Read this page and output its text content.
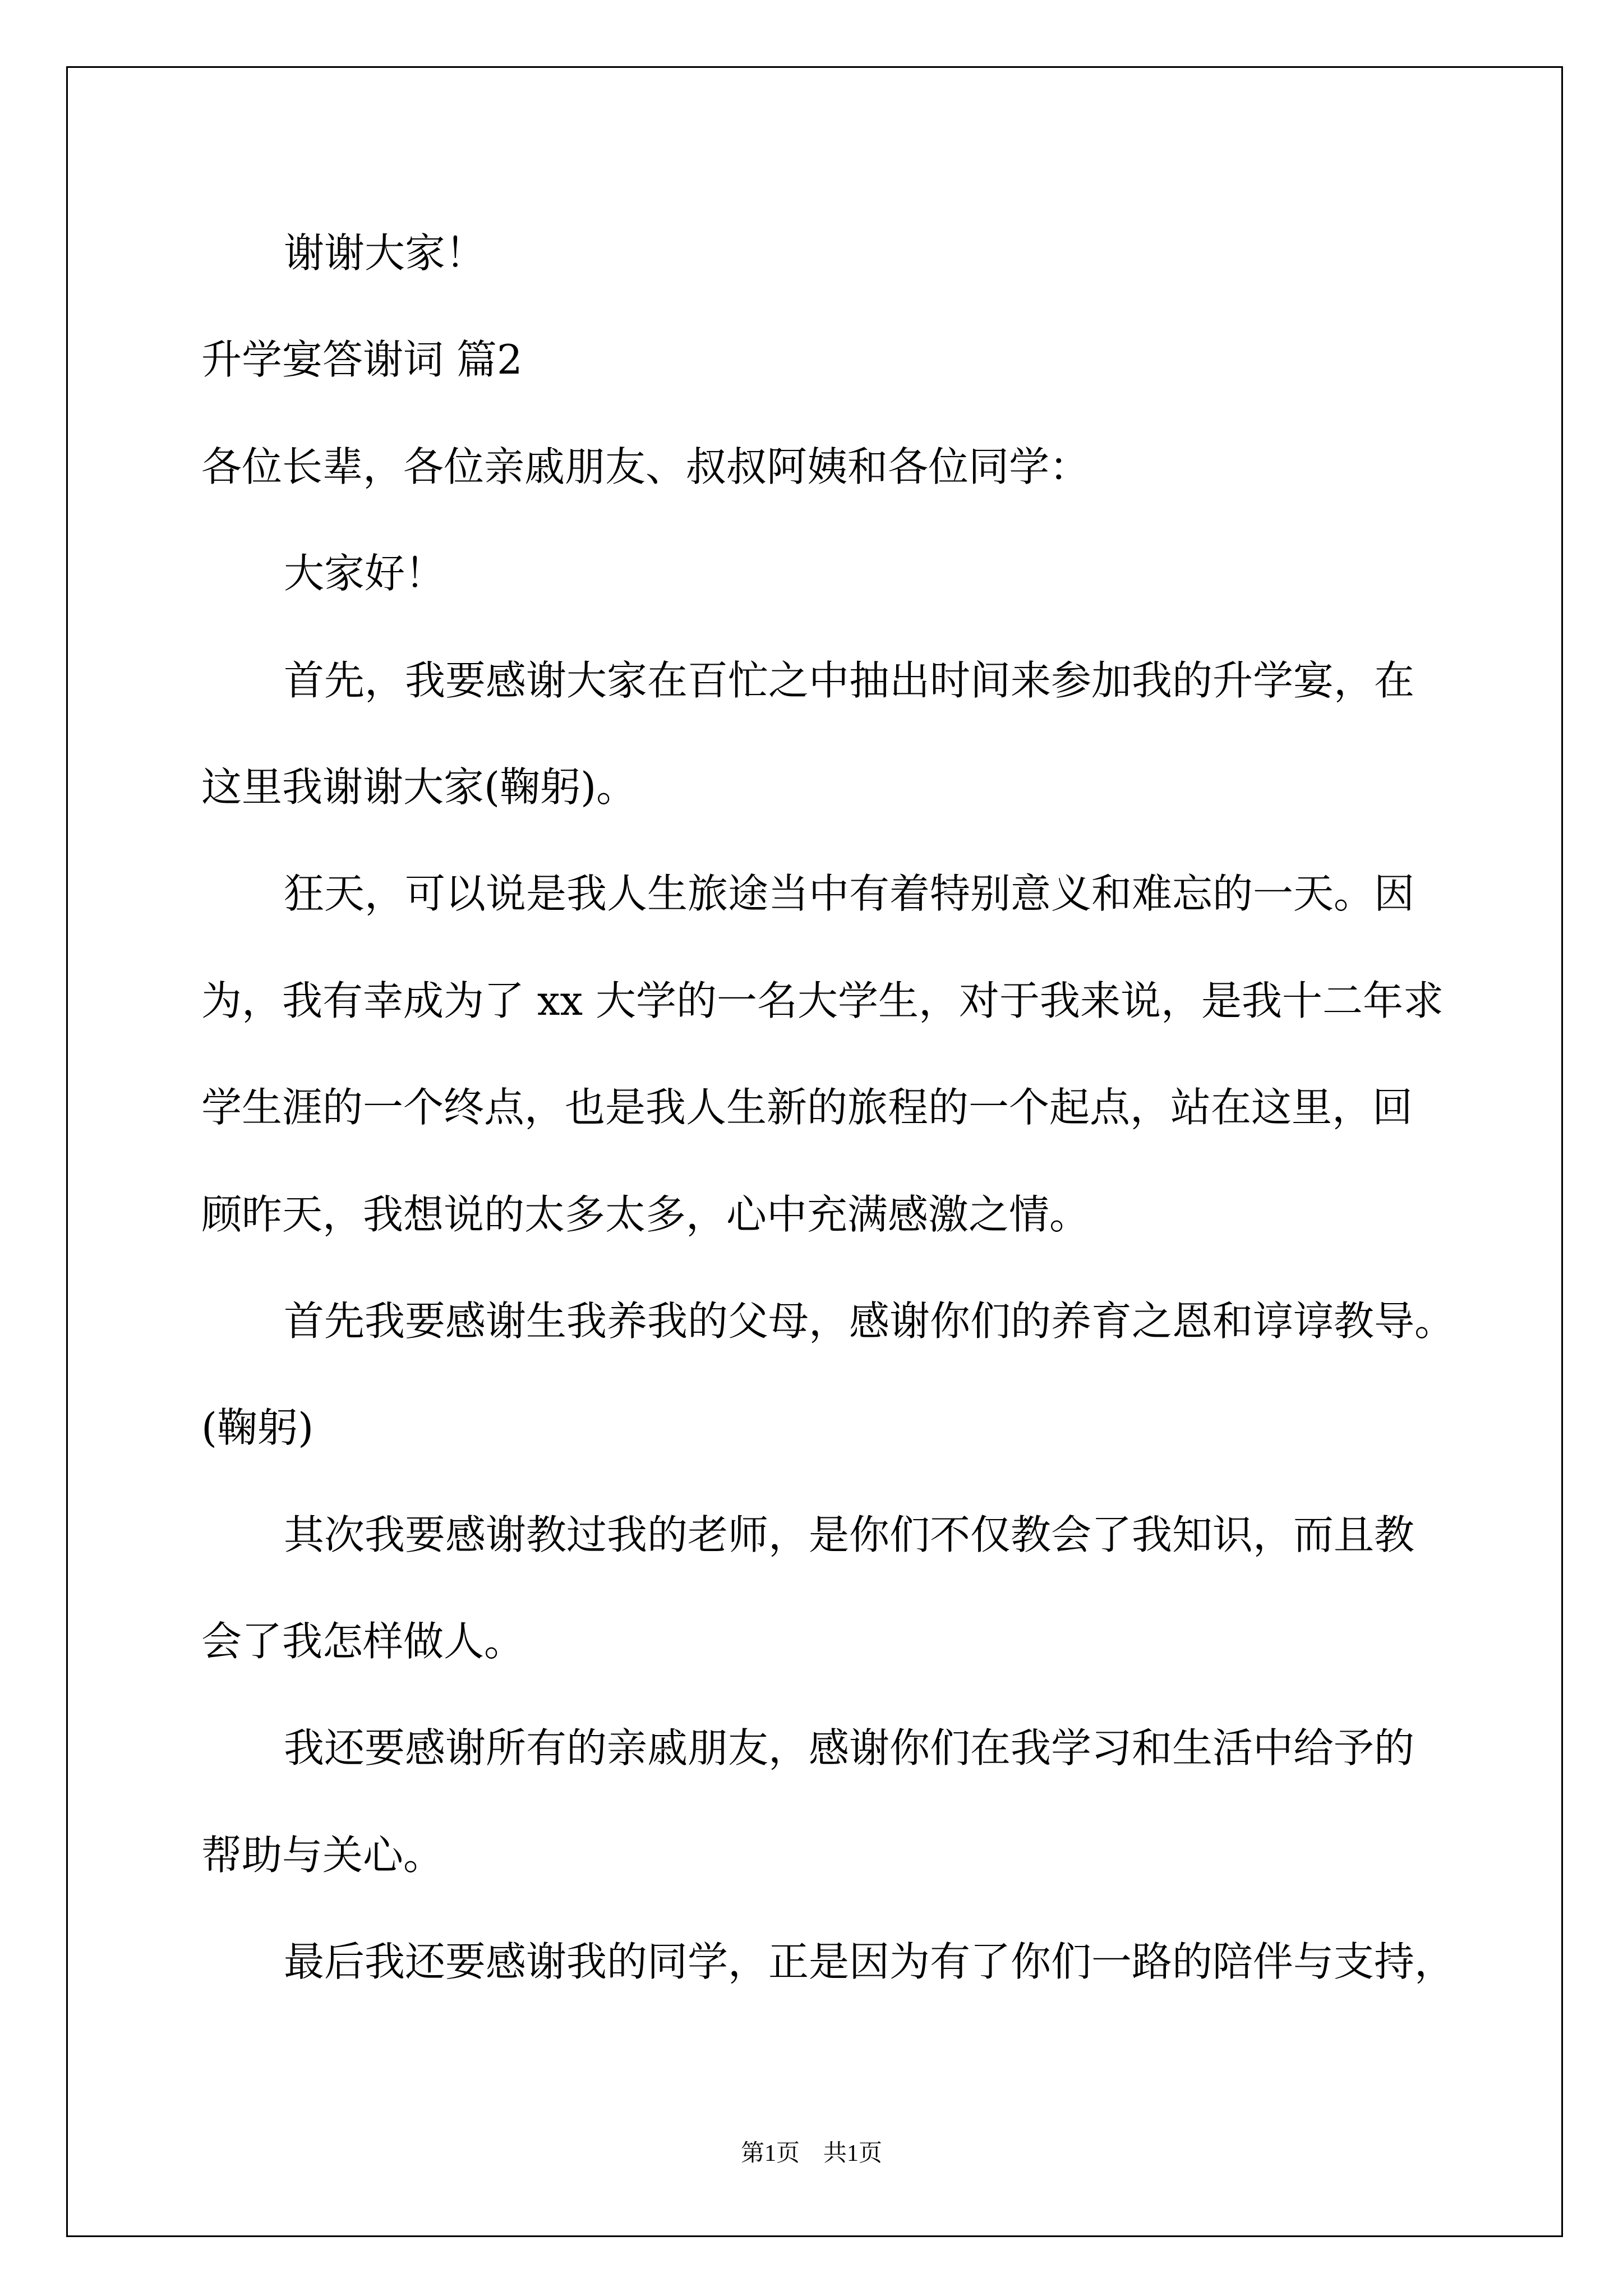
谢谢大家！
升学宴答谢词 篇2
各位长辈，各位亲戚朋友、叔叔阿姨和各位同学：
大家好！
首先，我要感谢大家在百忙之中抽出时间来参加我的升学宴，在
这里我谢谢大家(鞠躬)。
狂天，可以说是我人生旅途当中有着特别意义和难忘的一天。因
为，我有幸成为了 xx 大学的一名大学生，对于我来说，是我十二年求
学生涯的一个终点，也是我人生新的旅程的一个起点，站在这里，回
顾昨天，我想说的太多太多，心中充满感激之情。
首先我要感谢生我养我的父母，感谢你们的养育之恩和谆谆教导。
(鞠躬)
其次我要感谢教过我的老师，是你们不仅教会了我知识，而且教
会了我怎样做人。
我还要感谢所有的亲戚朋友，感谢你们在我学习和生活中给予的
帮助与关心。
最后我还要感谢我的同学，正是因为有了你们一路的陪伴与支持，
第1页　共1页
